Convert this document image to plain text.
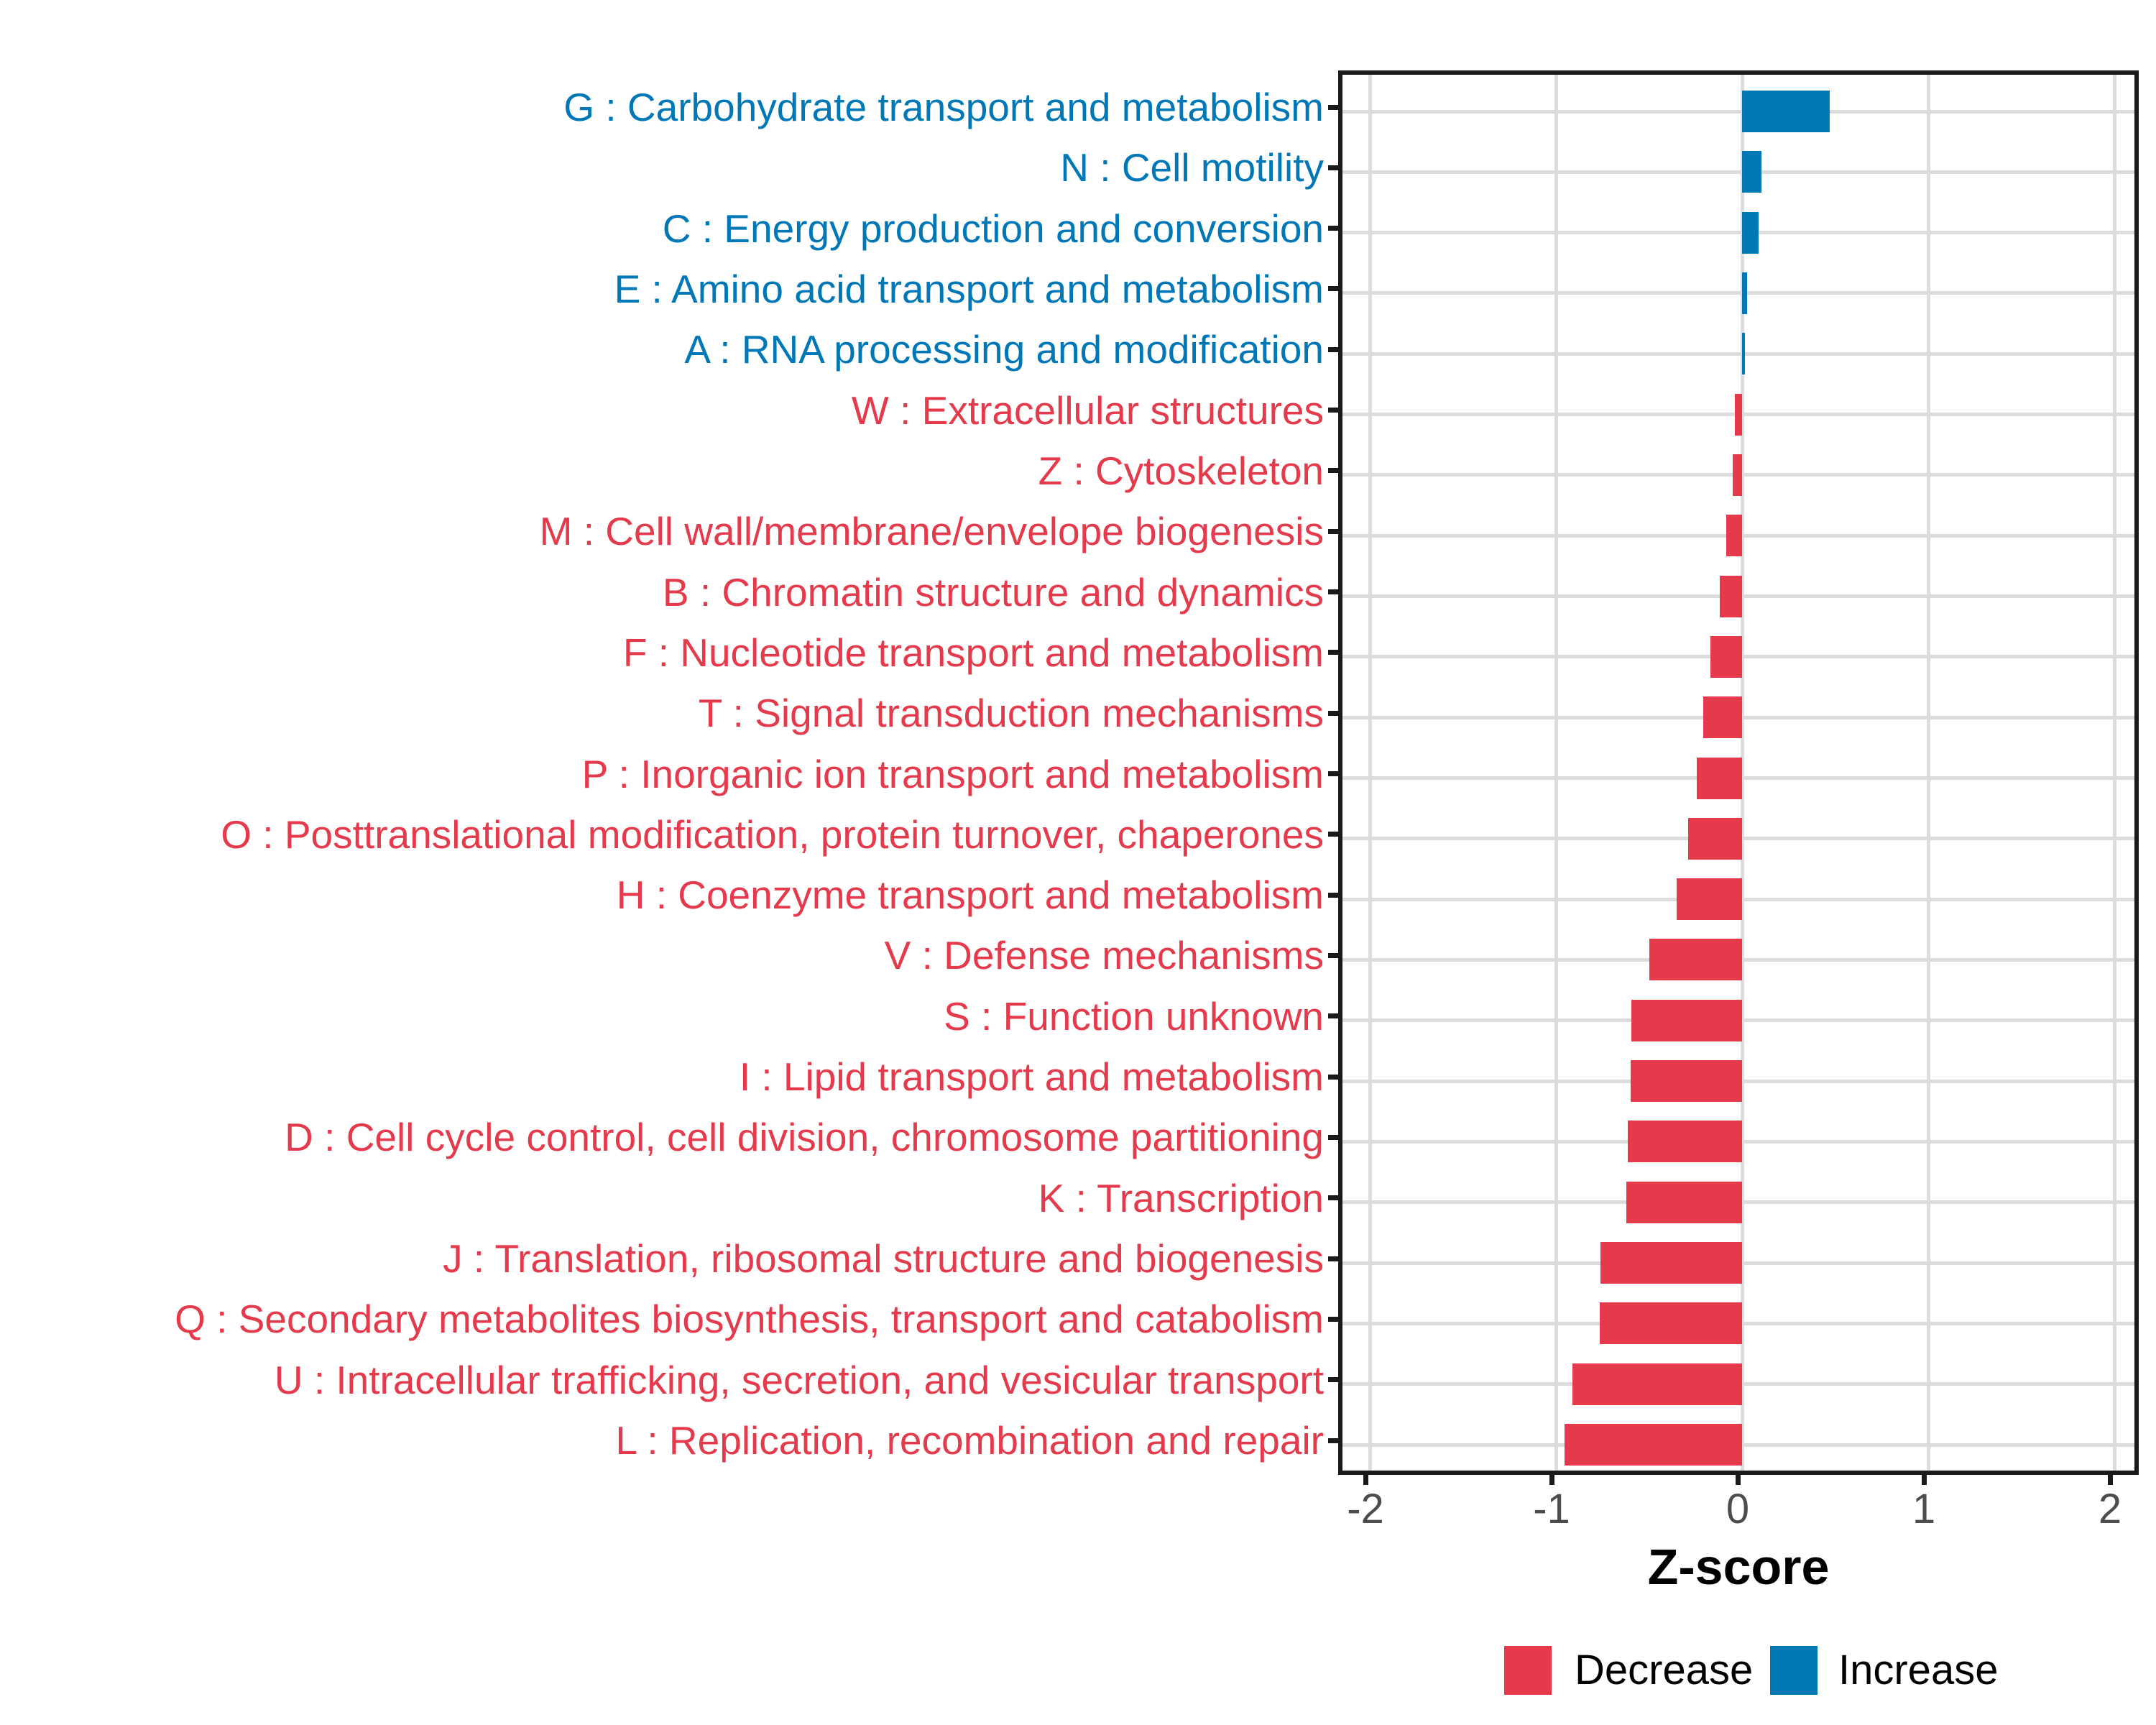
G : Carbohydrate transport and metabolism
N : Cell motility
C : Energy production and conversion
E : Amino acid transport and metabolism
A : RNA processing and modification
W : Extracellular structures
Z : Cytoskeleton
M : Cell wall/membrane/envelope biogenesis
B : Chromatin structure and dynamics
F : Nucleotide transport and metabolism
T : Signal transduction mechanisms
P : Inorganic ion transport and metabolism
O : Posttranslational modification, protein turnover, chaperones
H : Coenzyme transport and metabolism
V : Defense mechanisms
S : Function unknown
I : Lipid transport and metabolism
D : Cell cycle control, cell division, chromosome partitioning
K : Transcription
J : Translation, ribosomal structure and biogenesis
Q : Secondary metabolites biosynthesis, transport and catabolism
U : Intracellular trafficking, secretion, and vesicular transport
L : Replication, recombination and repair
-2	-1	0	1	2
Z-score
Decrease Increase
